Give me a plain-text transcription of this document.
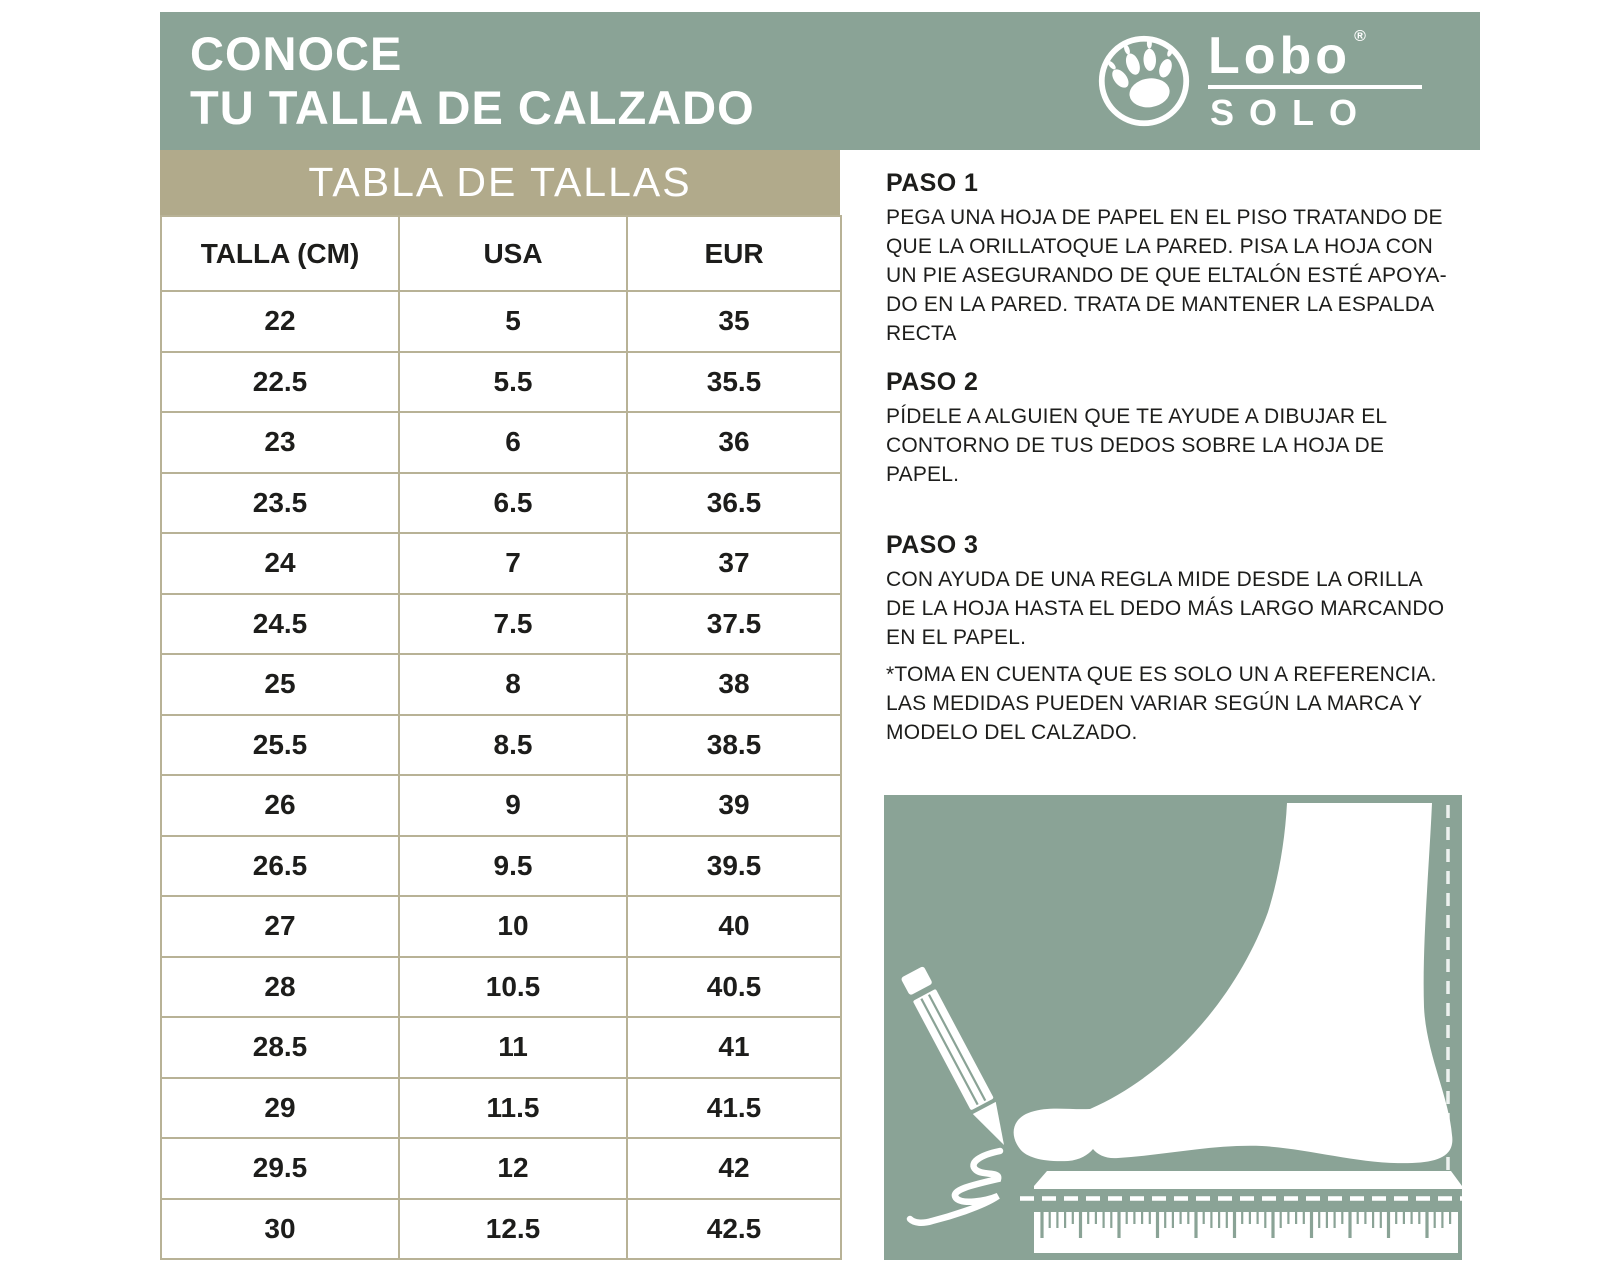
CONOCE
TU TALLA DE CALZADO
Lobo ®
SOLO
TABLA DE TALLAS
TALLA (CM)	USA	EUR
22	5	35
22.5	5.5	35.5
23	6	36
23.5	6.5	36.5
24	7	37
24.5	7.5	37.5
25	8	38
25.5	8.5	38.5
26	9	39
26.5	9.5	39.5
27	10	40
28	10.5	40.5
28.5	11	41
29	11.5	41.5
29.5	12	42
30	12.5	42.5
PASO 1
PEGA UNA HOJA DE PAPEL EN EL PISO TRATANDO DE
QUE LA ORILLATOQUE LA PARED. PISA LA HOJA CON
UN PIE ASEGURANDO DE QUE ELTALÓN ESTÉ APOYA-
DO EN LA PARED. TRATA DE MANTENER LA ESPALDA
RECTA
PASO 2
PÍDELE A ALGUIEN QUE TE AYUDE A DIBUJAR EL
CONTORNO DE TUS DEDOS SOBRE LA HOJA DE
PAPEL.
PASO 3
CON AYUDA DE UNA REGLA MIDE DESDE LA ORILLA
DE LA HOJA HASTA EL DEDO MÁS LARGO MARCANDO
EN EL PAPEL.
*TOMA EN CUENTA QUE ES SOLO UN A REFERENCIA.
LAS MEDIDAS PUEDEN VARIAR SEGÚN LA MARCA Y
MODELO DEL CALZADO.
